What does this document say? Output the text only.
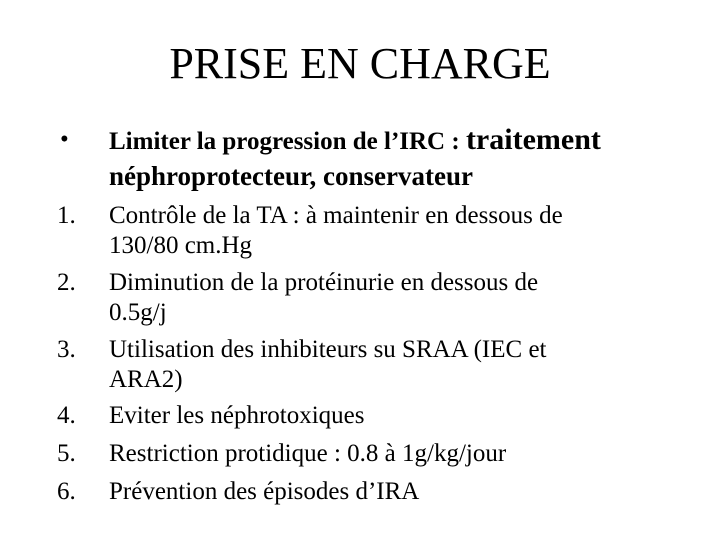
PRISE EN CHARGE
•	Limiter la progression de l’IRC : traitement
néphroprotecteur, conservateur
1.	Contrôle de la TA : à maintenir en dessous de
130/80 cm.Hg
2.	Diminution de la protéinurie en dessous de
0.5g/j
3.	Utilisation des inhibiteurs su SRAA (IEC et
ARA2)
4.	Eviter les néphrotoxiques
5.	Restriction protidique : 0.8 à 1g/kg/jour
6.	Prévention des épisodes d’IRA
